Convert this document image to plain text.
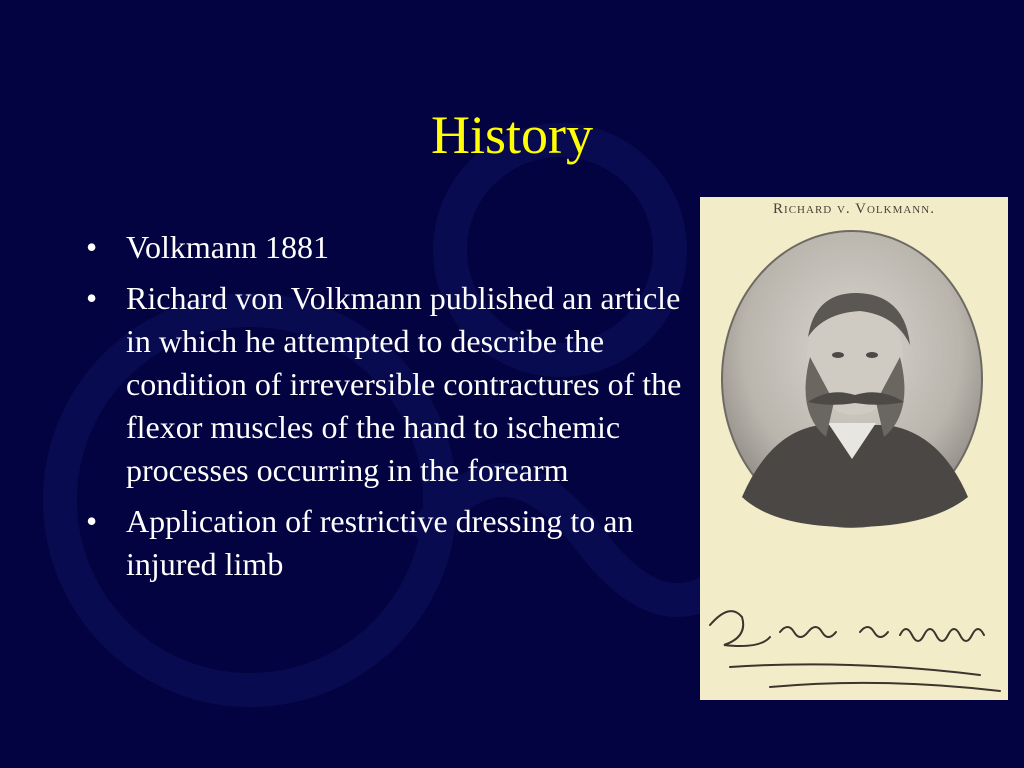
History
• Volkmann 1881
• Richard von Volkmann published an article in which he attempted to describe the condition of irreversible contractures of the flexor muscles of the hand to ischemic processes occurring in the forearm
• Application of restrictive dressing to an injured limb
Richard v. Volkmann.
